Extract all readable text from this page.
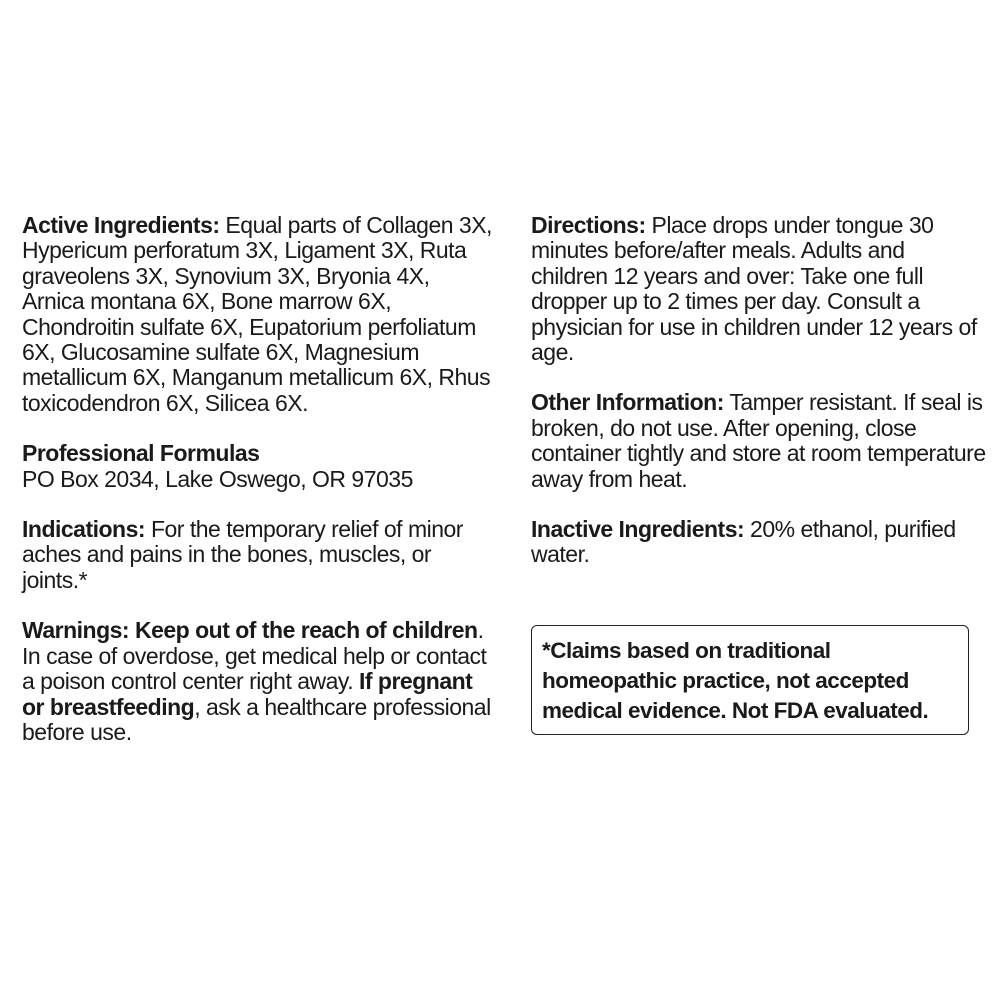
Active Ingredients: Equal parts of Collagen 3X, Hypericum perforatum 3X, Ligament 3X, Ruta graveolens 3X, Synovium 3X, Bryonia 4X, Arnica montana 6X, Bone marrow 6X, Chondroitin sulfate 6X, Eupatorium perfoliatum 6X, Glucosamine sulfate 6X, Magnesium metallicum 6X, Manganum metallicum 6X, Rhus toxicodendron 6X, Silicea 6X.

Professional Formulas

PO Box 2034, Lake Oswego, OR 97035

Indications: For the temporary relief of minor aches and pains in the bones, muscles, or joints.*

Warnings: Keep out of the reach of children. In case of overdose, get medical help or contact a poison control center right away. If pregnant or breastfeeding, ask a healthcare professional before use.

Directions: Place drops under tongue 30 minutes before/after meals. Adults and children 12 years and over: Take one full dropper up to 2 times per day. Consult a physician for use in children under 12 years of age.

Other Information: Tamper resistant. If seal is broken, do not use. After opening, close container tightly and store at room temperature away from heat.

Inactive Ingredients: 20% ethanol, purified water.

*Claims based on traditional homeopathic practice, not accepted medical evidence. Not FDA evaluated.
